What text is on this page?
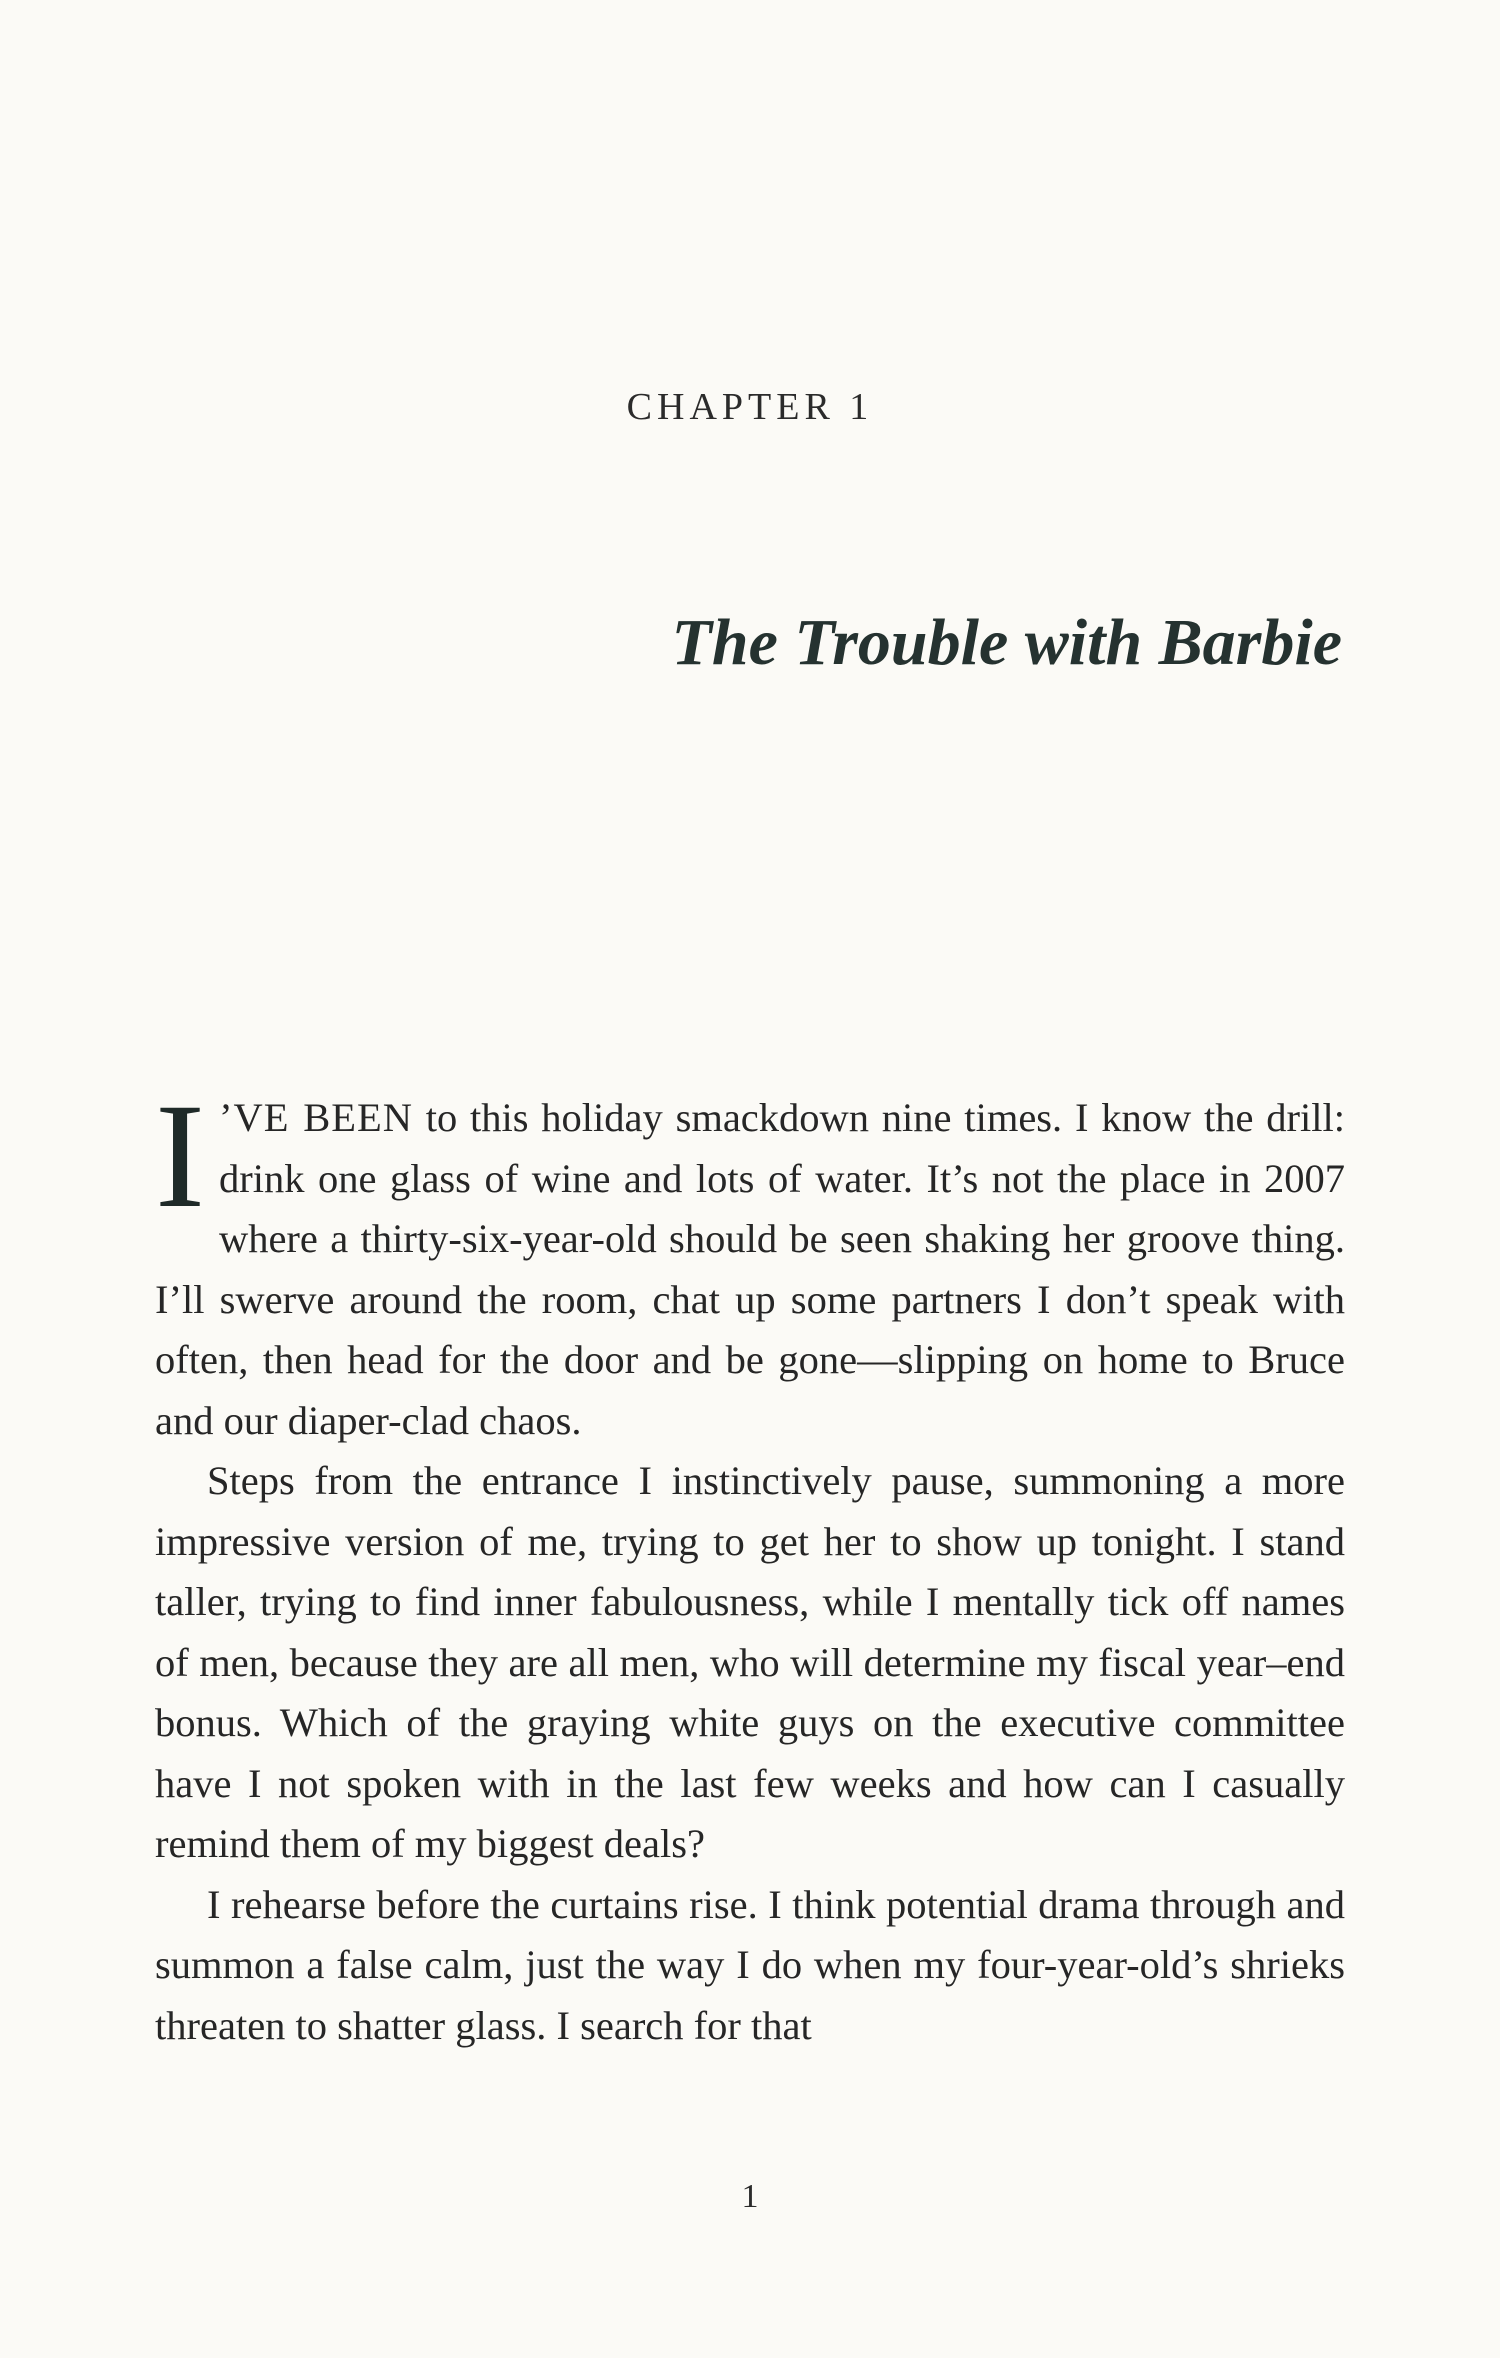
CHAPTER 1
The Trouble with Barbie

I ’VE BEEN to this holiday smackdown nine times. I know the drill: drink one glass of wine and lots of water. It’s not the place in 2007 where a thirty-six-year-old should be seen shaking her groove thing. I’ll swerve around the room, chat up some partners I don’t speak with often, then head for the door and be gone—slipping on home to Bruce and our diaper-clad chaos.

Steps from the entrance I instinctively pause, summoning a more impressive version of me, trying to get her to show up tonight. I stand taller, trying to find inner fabulousness, while I mentally tick off names of men, because they are all men, who will determine my fiscal year–end bonus. Which of the graying white guys on the executive committee have I not spoken with in the last few weeks and how can I casually remind them of my biggest deals?

I rehearse before the curtains rise. I think potential drama through and summon a false calm, just the way I do when my four-year-old’s shrieks threaten to shatter glass. I search for that

1
